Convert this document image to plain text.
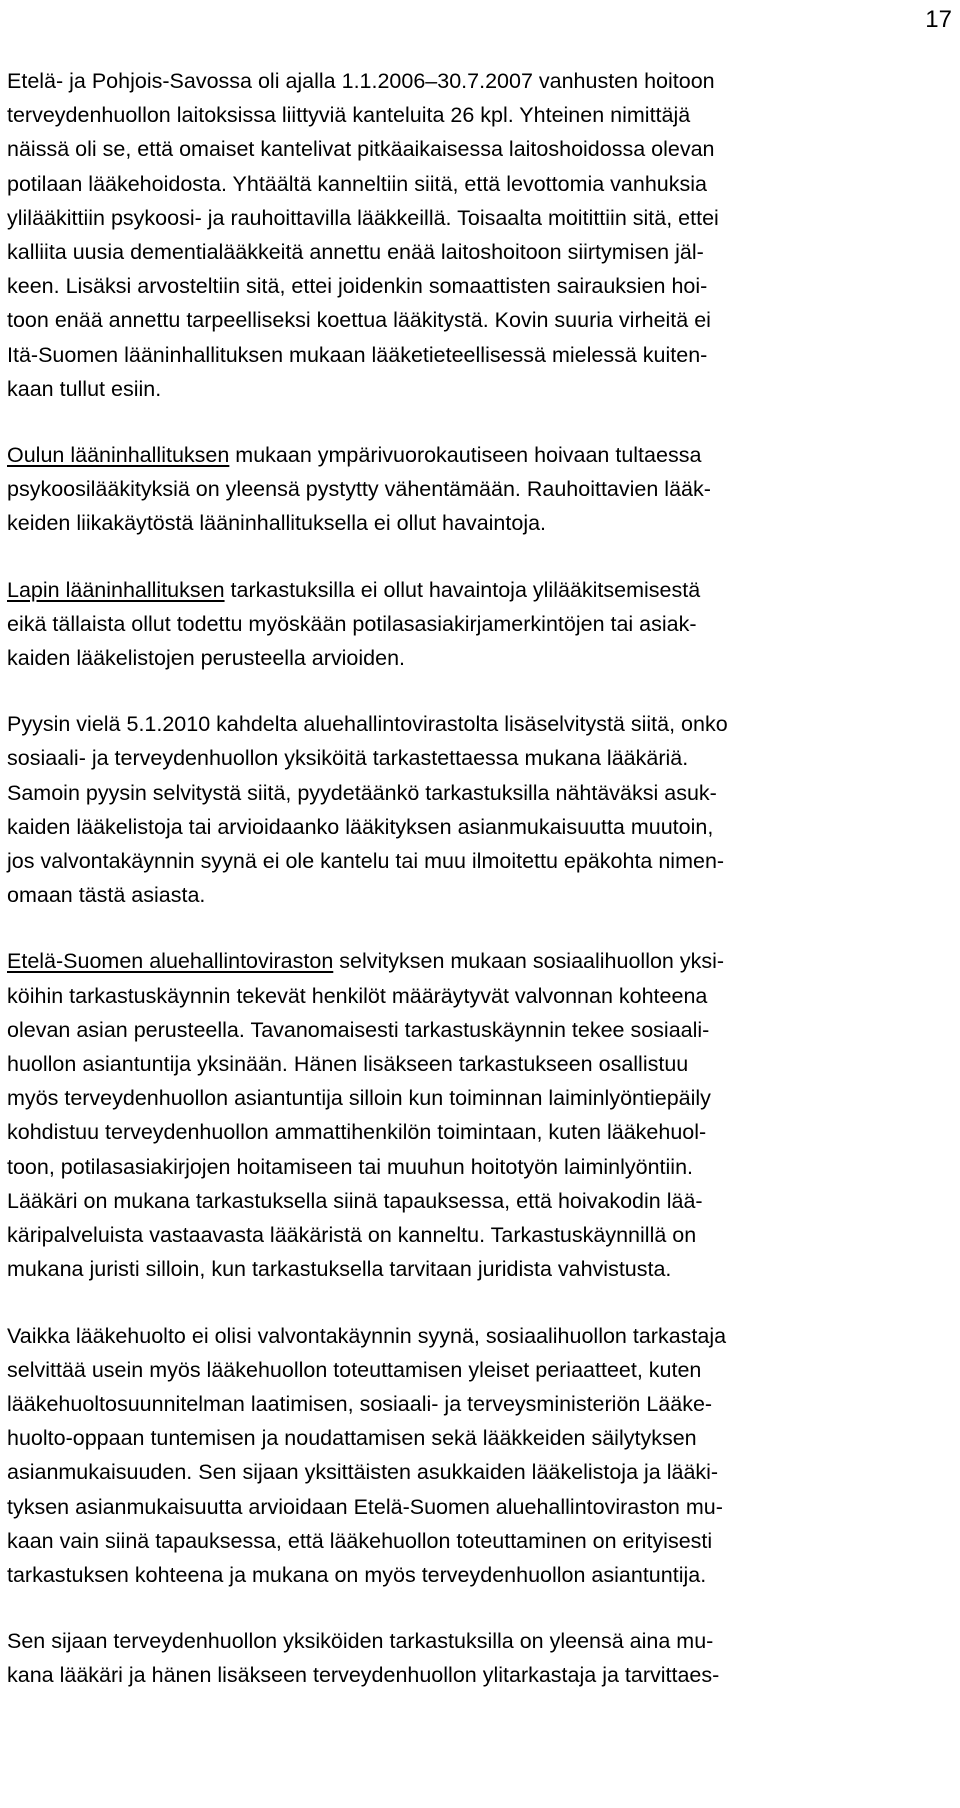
17

Etelä- ja Pohjois-Savossa oli ajalla 1.1.2006–30.7.2007 vanhusten hoitoon
terveydenhuollon laitoksissa liittyviä kanteluita 26 kpl. Yhteinen nimittäjä
näissä oli se, että omaiset kantelivat pitkäaikaisessa laitoshoidossa olevan
potilaan lääkehoidosta. Yhtäältä kanneltiin siitä, että levottomia vanhuksia
ylilääkittiin psykoosi- ja rauhoittavilla lääkkeillä. Toisaalta moitittiin sitä, ettei
kalliita uusia dementialääkkeitä annettu enää laitoshoitoon siirtymisen jäl-
keen. Lisäksi arvosteltiin sitä, ettei joidenkin somaattisten sairauksien hoi-
toon enää annettu tarpeelliseksi koettua lääkitystä. Kovin suuria virheitä ei
Itä-Suomen lääninhallituksen mukaan lääketieteellisessä mielessä kuiten-
kaan tullut esiin.

Oulun lääninhallituksen mukaan ympärivuorokautiseen hoivaan tultaessa
psykoosilääkityksiä on yleensä pystytty vähentämään. Rauhoittavien lääk-
keiden liikakäytöstä lääninhallituksella ei ollut havaintoja.

Lapin lääninhallituksen tarkastuksilla ei ollut havaintoja ylilääkitsemisestä
eikä tällaista ollut todettu myöskään potilasasiakirjamerkintöjen tai asiak-
kaiden lääkelistojen perusteella arvioiden.

Pyysin vielä 5.1.2010 kahdelta aluehallintovirastolta lisäselvitystä siitä, onko
sosiaali- ja terveydenhuollon yksiköitä tarkastettaessa mukana lääkäriä.
Samoin pyysin selvitystä siitä, pyydetäänkö tarkastuksilla nähtäväksi asuk-
kaiden lääkelistoja tai arvioidaanko lääkityksen asianmukaisuutta muutoin,
jos valvontakäynnin syynä ei ole kantelu tai muu ilmoitettu epäkohta nimen-
omaan tästä asiasta.

Etelä-Suomen aluehallintoviraston selvityksen mukaan sosiaalihuollon yksi-
köihin tarkastuskäynnin tekevät henkilöt määräytyvät valvonnan kohteena
olevan asian perusteella. Tavanomaisesti tarkastuskäynnin tekee sosiaali-
huollon asiantuntija yksinään. Hänen lisäkseen tarkastukseen osallistuu
myös terveydenhuollon asiantuntija silloin kun toiminnan laiminlyöntiepäily
kohdistuu terveydenhuollon ammattihenkilön toimintaan, kuten lääkehuol-
toon, potilasasiakirjojen hoitamiseen tai muuhun hoitotyön laiminlyöntiin.
Lääkäri on mukana tarkastuksella siinä tapauksessa, että hoivakodin lää-
käripalveluista vastaavasta lääkäristä on kanneltu. Tarkastuskäynnillä on
mukana juristi silloin, kun tarkastuksella tarvitaan juridista vahvistusta.

Vaikka lääkehuolto ei olisi valvontakäynnin syynä, sosiaalihuollon tarkastaja
selvittää usein myös lääkehuollon toteuttamisen yleiset periaatteet, kuten
lääkehuoltosuunnitelman laatimisen, sosiaali- ja terveysministeriön Lääke-
huolto-oppaan tuntemisen ja noudattamisen sekä lääkkeiden säilytyksen
asianmukaisuuden. Sen sijaan yksittäisten asukkaiden lääkelistoja ja lääki-
tyksen asianmukaisuutta arvioidaan Etelä-Suomen aluehallintoviraston mu-
kaan vain siinä tapauksessa, että lääkehuollon toteuttaminen on erityisesti
tarkastuksen kohteena ja mukana on myös terveydenhuollon asiantuntija.

Sen sijaan terveydenhuollon yksiköiden tarkastuksilla on yleensä aina mu-
kana lääkäri ja hänen lisäkseen terveydenhuollon ylitarkastaja ja tarvittaes-
